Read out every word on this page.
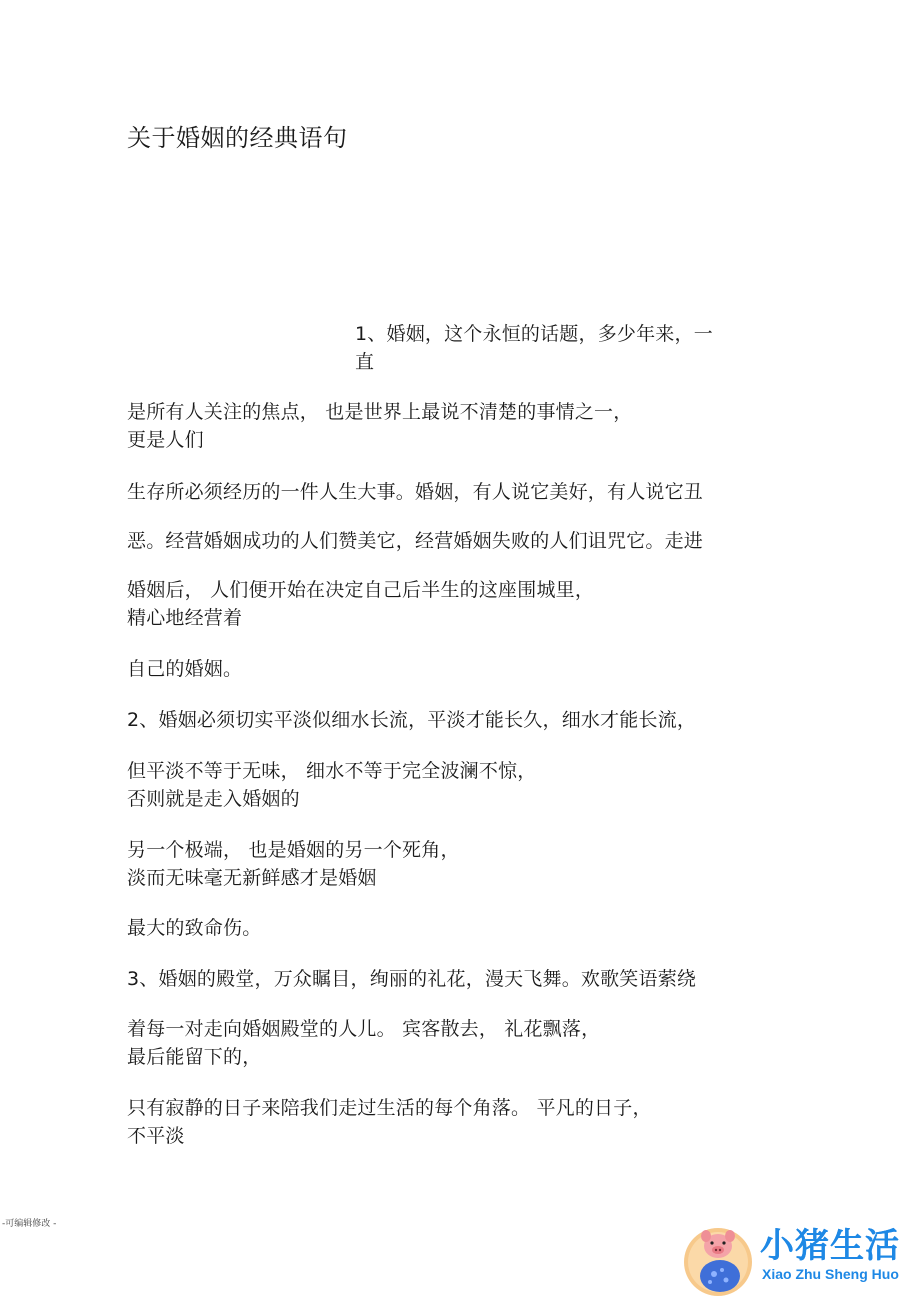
关于婚姻的经典语句
1、婚姻，这个永恒的话题，多少年来，一
直
是所有人关注的焦点， 也是世界上最说不清楚的事情之一，
更是人们
生存所必须经历的一件人生大事。婚姻，有人说它美好，有人说它丑
恶。经营婚姻成功的人们赞美它，经营婚姻失败的人们诅咒它。走进
婚姻后， 人们便开始在决定自己后半生的这座围城里，
精心地经营着
自己的婚姻。
2、婚姻必须切实平淡似细水长流，平淡才能长久，细水才能长流，
但平淡不等于无味， 细水不等于完全波澜不惊，
否则就是走入婚姻的
另一个极端， 也是婚姻的另一个死角，
淡而无味毫无新鲜感才是婚姻
最大的致命伤。
3、婚姻的殿堂，万众瞩目，绚丽的礼花，漫天飞舞。欢歌笑语萦绕
着每一对走向婚姻殿堂的人儿。 宾客散去， 礼花飘落，
最后能留下的，
只有寂静的日子来陪我们走过生活的每个角落。 平凡的日子，
不平淡
-可编辑修改 -
小猪生活
Xiao Zhu Sheng Huo
